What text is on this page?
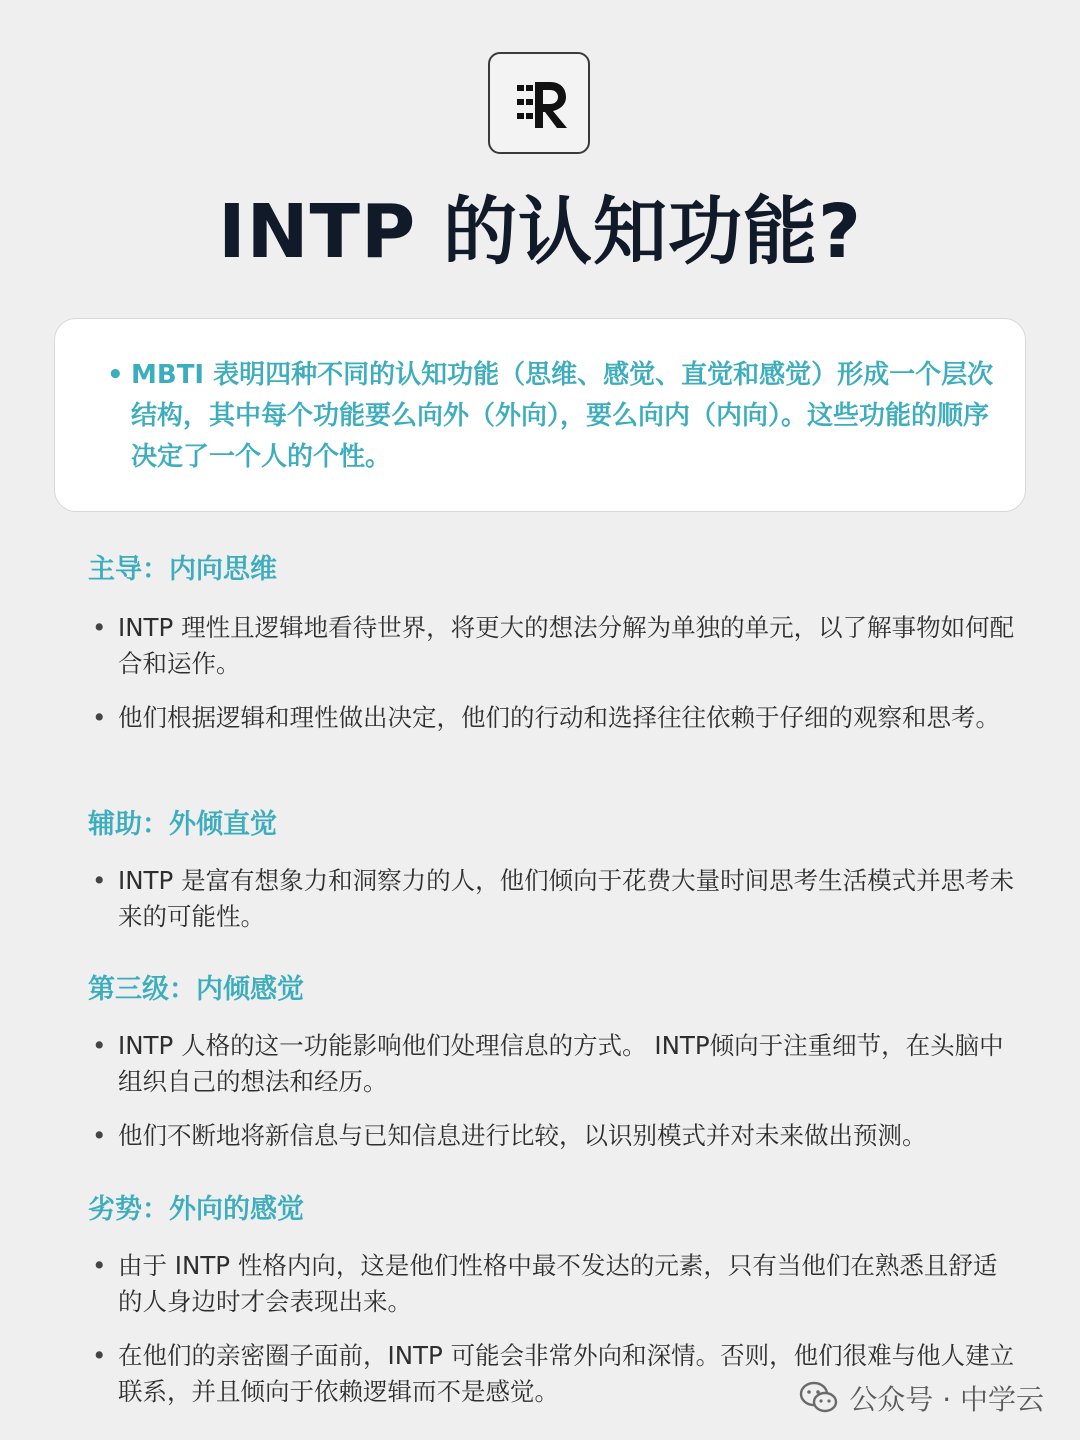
INTP 的认知功能?
• MBTI 表明四种不同的认知功能（思维、感觉、直觉和感觉）形成一个层次结构，其中每个功能要么向外（外向），要么向内（内向）。这些功能的顺序决定了一个人的个性。
主导：内向思维
• INTP 理性且逻辑地看待世界，将更大的想法分解为单独的单元，以了解事物如何配合和运作。
• 他们根据逻辑和理性做出决定，他们的行动和选择往往依赖于仔细的观察和思考。
辅助：外倾直觉
• INTP 是富有想象力和洞察力的人，他们倾向于花费大量时间思考生活模式并思考未来的可能性。
第三级：内倾感觉
• INTP 人格的这一功能影响他们处理信息的方式。 INTP倾向于注重细节，在头脑中组织自己的想法和经历。
• 他们不断地将新信息与已知信息进行比较，以识别模式并对未来做出预测。
劣势：外向的感觉
• 由于 INTP 性格内向，这是他们性格中最不发达的元素，只有当他们在熟悉且舒适的人身边时才会表现出来。
• 在他们的亲密圈子面前，INTP 可能会非常外向和深情。否则，他们很难与他人建立联系，并且倾向于依赖逻辑而不是感觉。	公众号 · 中学云
